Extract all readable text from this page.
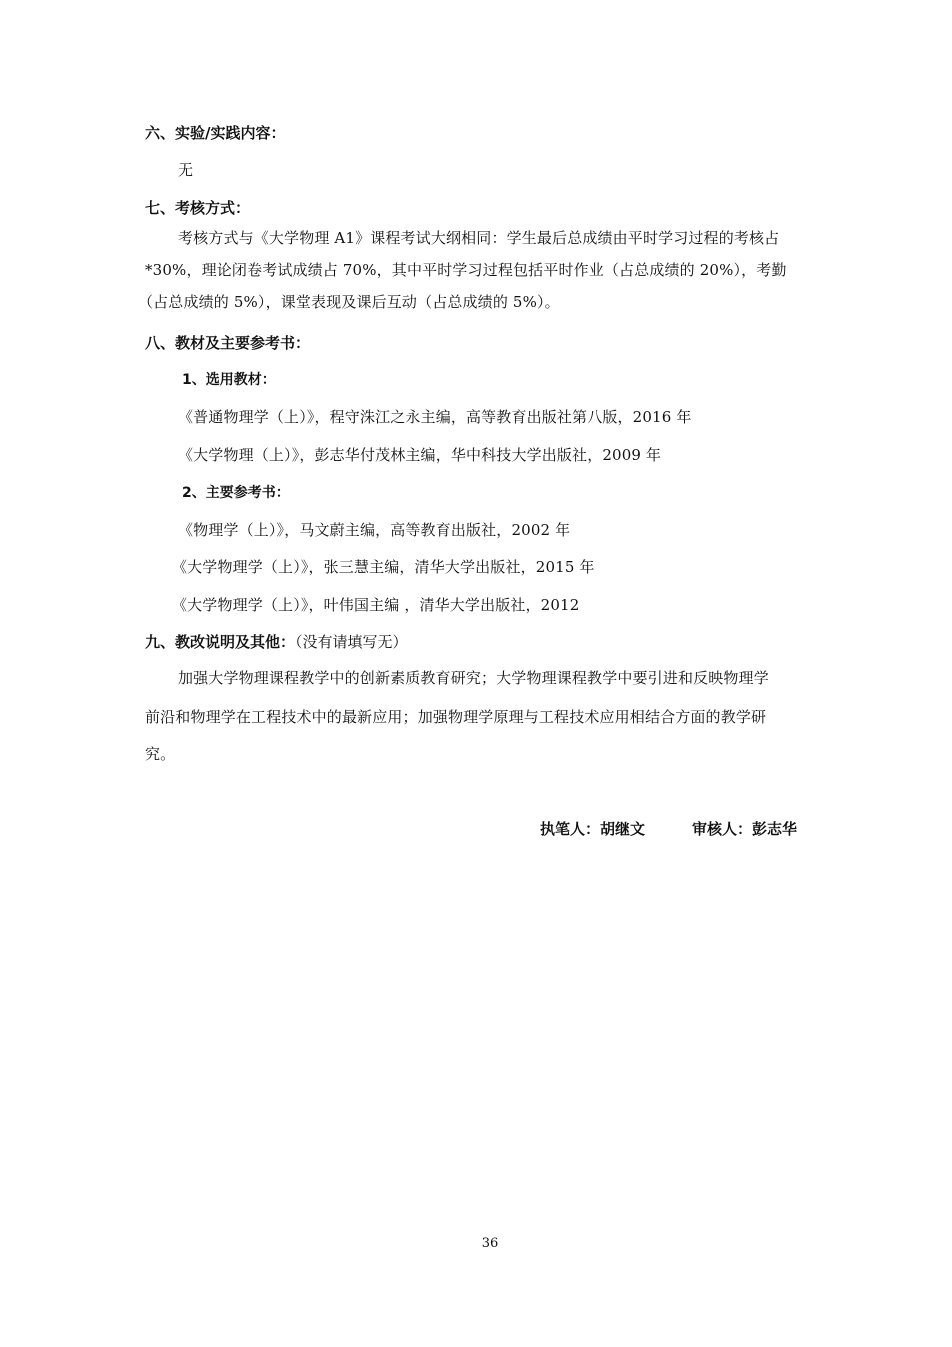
六、实验/实践内容：
无
七、考核方式：
考核方式与《大学物理 A1》课程考试大纲相同：学生最后总成绩由平时学习过程的考核占
*30%，理论闭卷考试成绩占 70%，其中平时学习过程包括平时作业（占总成绩的 20%），考勤
（占总成绩的 5%），课堂表现及课后互动（占总成绩的 5%）。
八、教材及主要参考书：
1、选用教材：
《普通物理学（上）》，程守洙江之永主编，高等教育出版社第八版，2016 年
《大学物理（上）》，彭志华付茂林主编，华中科技大学出版社，2009 年
2、主要参考书：
《物理学（上）》，马文蔚主编，高等教育出版社，2002 年
《大学物理学（上）》，张三慧主编，清华大学出版社，2015 年
《大学物理学（上）》，叶伟国主编 ，清华大学出版社，2012
九、教改说明及其他：（没有请填写无）
加强大学物理课程教学中的创新素质教育研究；大学物理课程教学中要引进和反映物理学
前沿和物理学在工程技术中的最新应用；加强物理学原理与工程技术应用相结合方面的教学研
究。
执笔人：胡继文	审核人：彭志华
36
